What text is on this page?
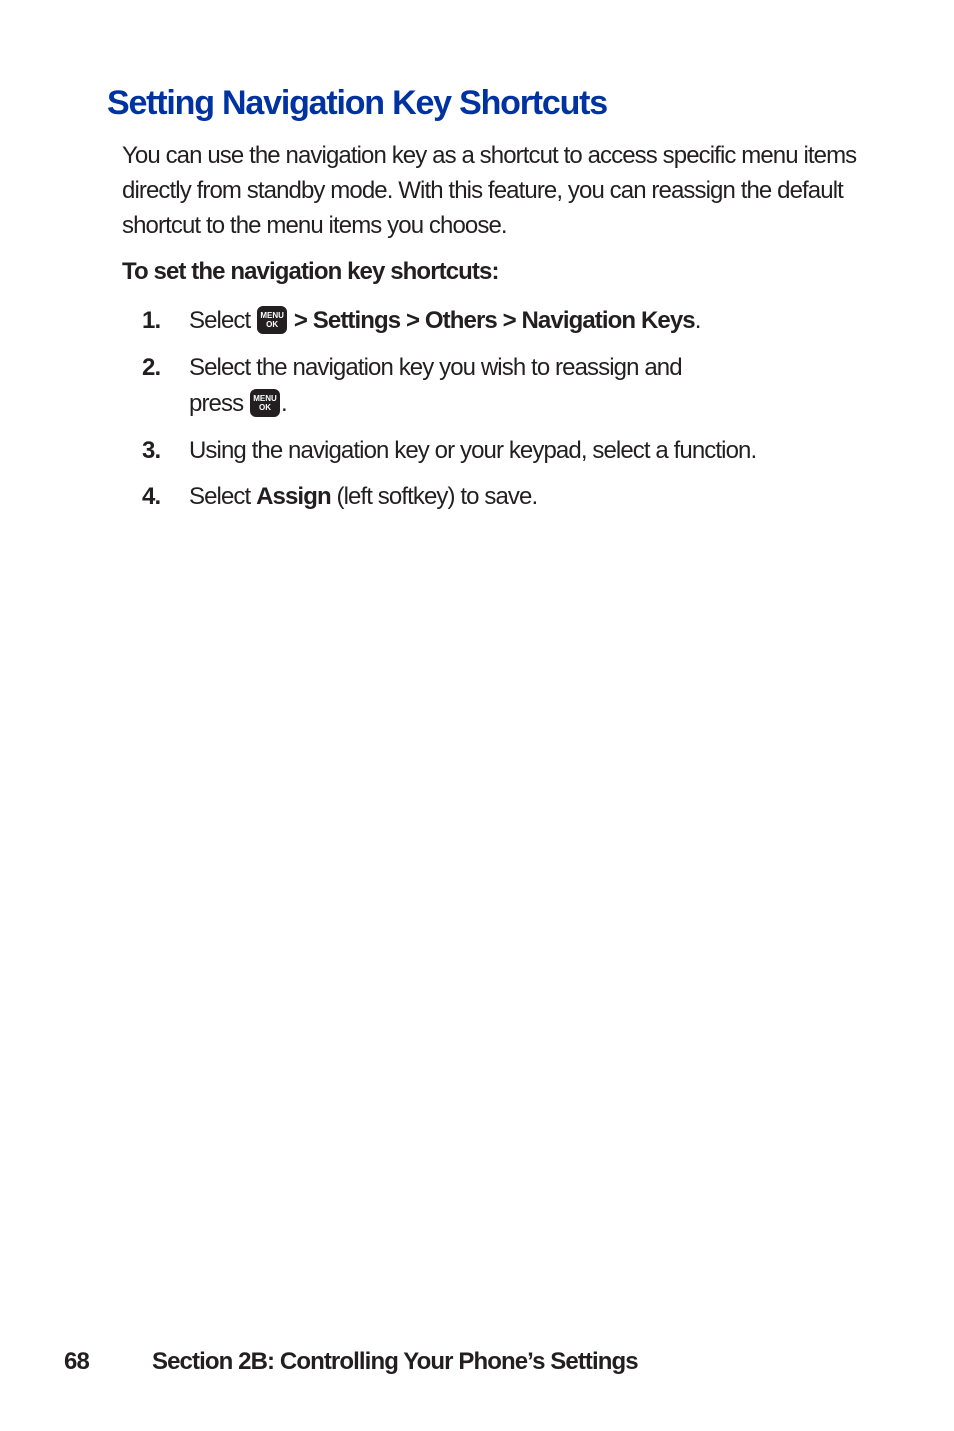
Setting Navigation Key Shortcuts

You can use the navigation key as a shortcut to access specific menu items directly from standby mode. With this feature, you can reassign the default shortcut to the menu items you choose.

To set the navigation key shortcuts:

1. Select	MENU
OK > Settings > Others > Navigation Keys.
2. Select the navigation key you wish to reassign and press	MENU
OK .
3. Using the navigation key or your keypad, select a function.
4. Select Assign (left softkey) to save.
68	Section 2B: Controlling Your Phone’s Settings
